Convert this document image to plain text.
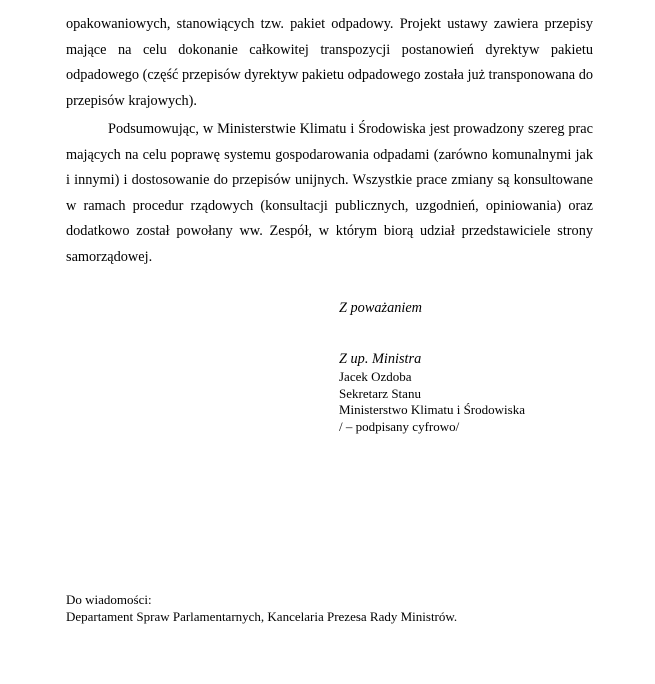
opakowaniowych, stanowiących tzw. pakiet odpadowy. Projekt ustawy zawiera przepisy mające na celu dokonanie całkowitej transpozycji postanowień dyrektyw pakietu odpadowego (część przepisów dyrektyw pakietu odpadowego została już transponowana do przepisów krajowych).

Podsumowując, w Ministerstwie Klimatu i Środowiska jest prowadzony szereg prac mających na celu poprawę systemu gospodarowania odpadami (zarówno komunalnymi jak i innymi) i dostosowanie do przepisów unijnych. Wszystkie prace zmiany są konsultowane w ramach procedur rządowych (konsultacji publicznych, uzgodnień, opiniowania) oraz dodatkowo został powołany ww. Zespół, w którym biorą udział przedstawiciele strony samorządowej.

Z poważaniem
Z up. Ministra
Jacek Ozdoba
Sekretarz Stanu
Ministerstwo Klimatu i Środowiska
/ – podpisany cyfrowo/
Do wiadomości:
Departament Spraw Parlamentarnych, Kancelaria Prezesa Rady Ministrów.
